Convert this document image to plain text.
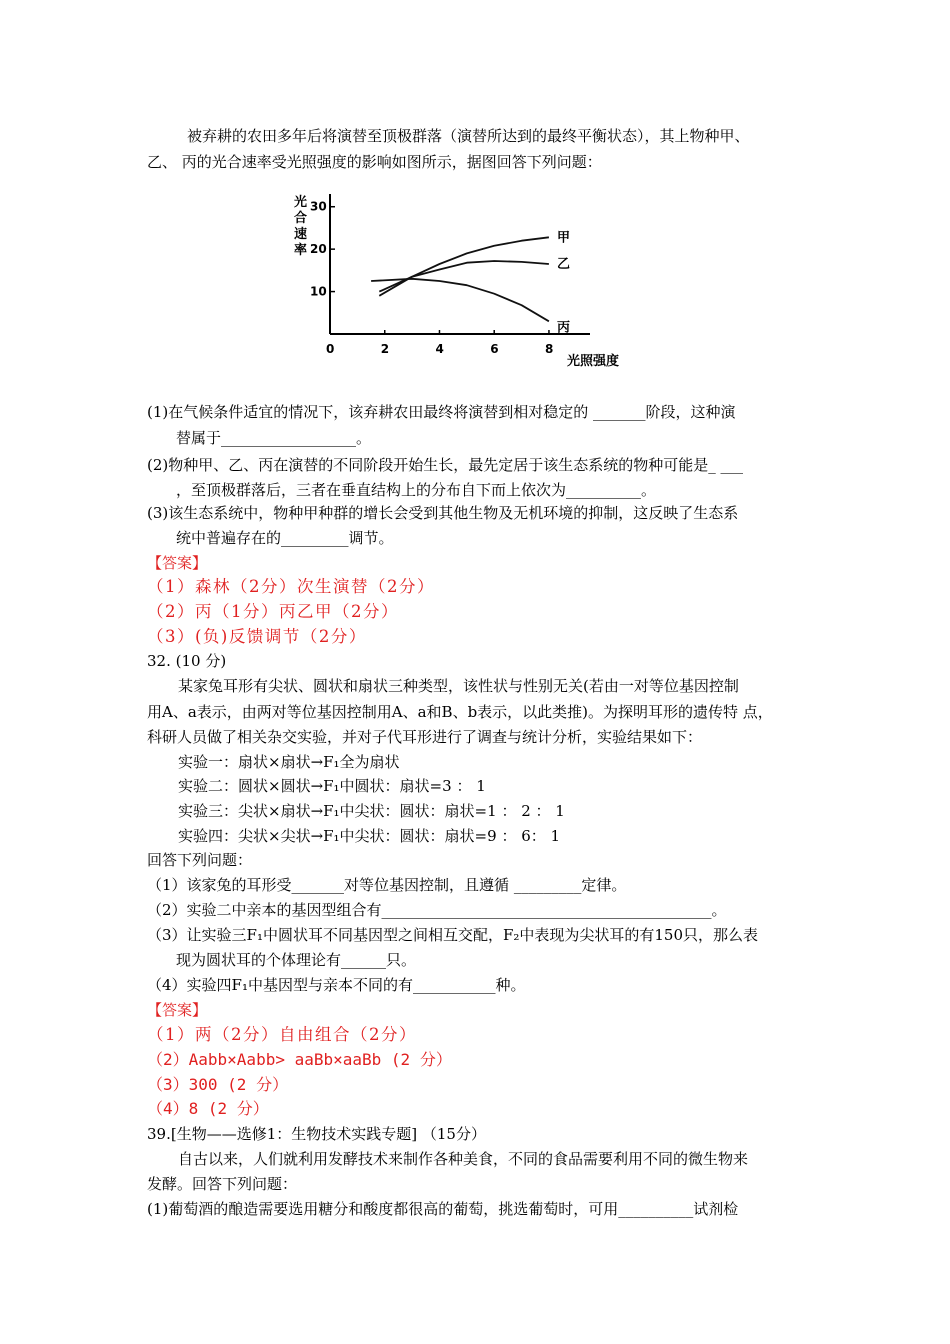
被弃耕的农田多年后将演替至顶极群落（演替所达到的最终平衡状态），其上物种甲、
乙、 丙的光合速率受光照强度的影响如图所示，据图回答下列问题：
光
合
速
率
光照强度
0	2	4	6	8
10
20
30
甲
乙
丙
(1)在气候条件适宜的情况下，该弃耕农田最终将演替到相对稳定的 _______阶段，这种演
替属于__________________。
(2)物种甲、乙、丙在演替的不同阶段开始生长，最先定居于该生态系统的物种可能是_ ___
，至顶极群落后，三者在垂直结构上的分布自下而上依次为__________。
(3)该生态系统中，物种甲种群的增长会受到其他生物及无机环境的抑制，这反映了生态系
统中普遍存在的_________调节。
【答案】
（1）森林（2分）次生演替（2分）
（2）丙（1分）丙乙甲（2分）
（3）(负)反馈调节（2分）
32. (10 分)
某家兔耳形有尖状、圆状和扇状三种类型，该性状与性别无关(若由一对等位基因控制
用A、a表示，由两对等位基因控制用A、a和B、b表示，以此类推)。为探明耳形的遗传特 点，
科研人员做了相关杂交实验，并对子代耳形进行了调查与统计分析，实验结果如下：
实验一：扇状×扇状→F₁全为扇状
实验二：圆状×圆状→F₁中圆状：扇状=3 ： 1
实验三：尖状×扇状→F₁中尖状：圆状：扇状=1 ： 2 ： 1
实验四：尖状×尖状→F₁中尖状：圆状：扇状=9 ： 6： 1
回答下列问题：
（1）该家兔的耳形受_______对等位基因控制，且遵循 _________定律。
（2）实验二中亲本的基因型组合有____________________________________________。
（3）让实验三F₁中圆状耳不同基因型之间相互交配，F₂中表现为尖状耳的有150只，那么表
现为圆状耳的个体理论有______只。
（4）实验四F₁中基因型与亲本不同的有___________种。
【答案】
（1）两（2分）自由组合（2分）
（2）Aabb×Aabb> aaBb×aaBb (2 分）
（3）300 (2 分）
（4）8 (2 分）
39.[生物——选修1：生物技术实践专题] （15分）
自古以来，人们就利用发酵技术来制作各种美食，不同的食品需要利用不同的微生物来
发酵。回答下列问题：
(1)葡萄酒的酿造需要选用糖分和酸度都很高的葡萄，挑选葡萄时，可用__________试剂检
